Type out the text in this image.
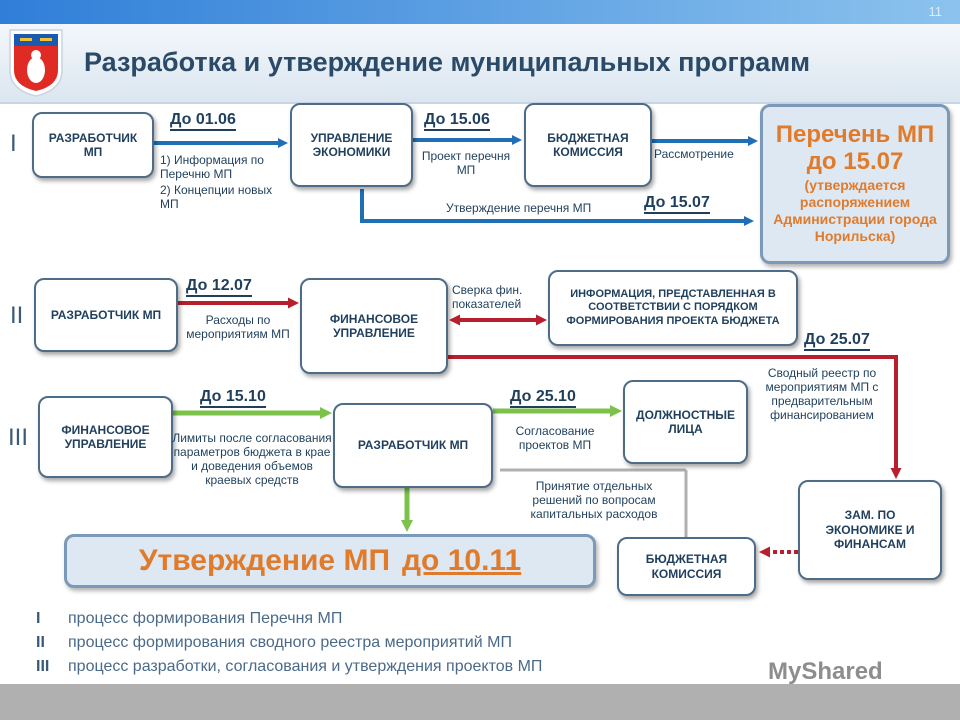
11
Разработка и утверждение муниципальных программ
I	РАЗРАБОТЧИК МП
УПРАВЛЕНИЕ ЭКОНОМИКИ
БЮДЖЕТНАЯ КОМИССИЯ
До 01.06	До 15.06
До 15.07
1) Информация по Перечню МП
2) Концепции новых МП
Проект перечня МП
Рассмотрение
Утверждение перечня МП
Перечень МП до 15.07
(утверждается распоряжением Администрации города Норильска)
II	РАЗРАБОТЧИК МП	ФИНАНСОВОЕ УПРАВЛЕНИЕ
ИНФОРМАЦИЯ, ПРЕДСТАВЛЕННАЯ В СООТВЕТСТВИИ С ПОРЯДКОМ ФОРМИРОВАНИЯ ПРОЕКТА БЮДЖЕТА
До 12.07
До 25.07
Расходы по мероприятиям МП
Сверка фин. показателей
Сводный реестр по мероприятиям МП с предварительным финансированием
III	ФИНАНСОВОЕ УПРАВЛЕНИЕ	РАЗРАБОТЧИК МП
ДОЛЖНОСТНЫЕ ЛИЦА
ЗАМ. ПО ЭКОНОМИКЕ И ФИНАНСАМ
БЮДЖЕТНАЯ КОМИССИЯ
До 15.10	До 25.10
Лимиты после согласования параметров бюджета в крае и доведения объемов краевых средств
Согласование проектов МП
Принятие отдельных решений по вопросам капитальных расходов
Утверждение МП до 10.11
I процесс формирования Перечня МП
II процесс формирования сводного реестра мероприятий МП
III процесс разработки, согласования и утверждения проектов МП	MyShared
